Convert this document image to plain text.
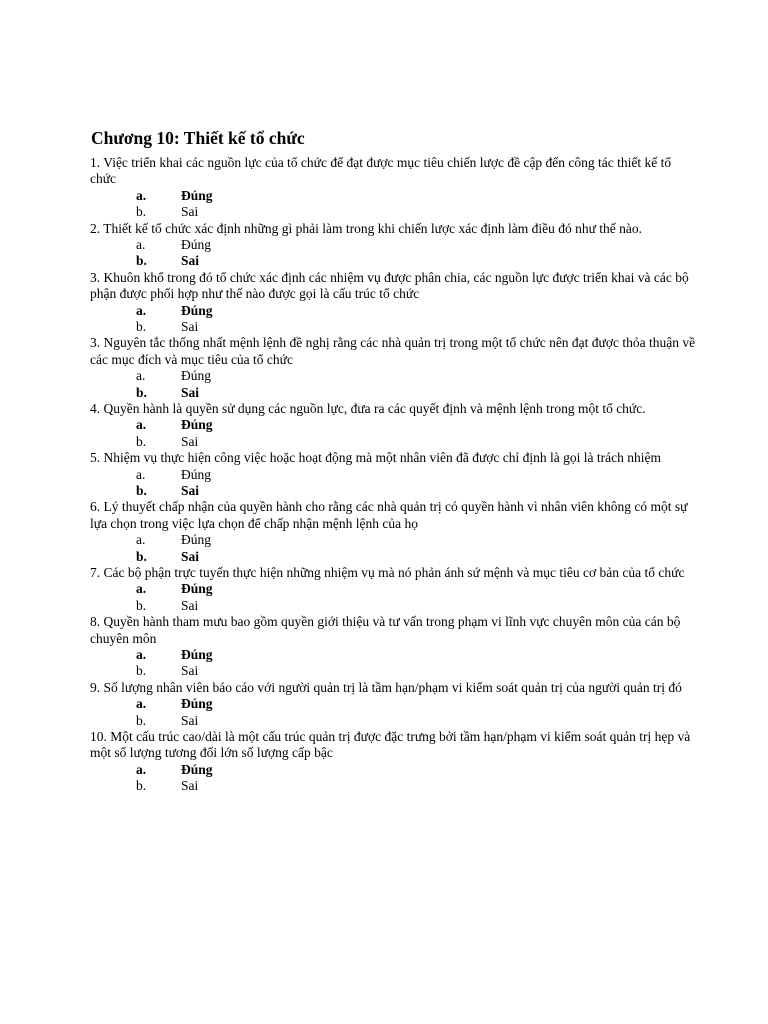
Chương 10: Thiết kế tổ chức

1. Việc triển khai các nguồn lực của tổ chức để đạt được mục tiêu chiến lược đề cập đến công tác thiết kế tổ chức

a.	Đúng
b.	Sai

2. Thiết kế tổ chức xác định những gì phải làm trong khi chiến lược xác định làm điều đó như thế nào.

a.	Đúng
b.	Sai

3. Khuôn khổ trong đó tổ chức xác định các nhiệm vụ được phân chia, các nguồn lực được triển khai và các bộ phận được phối hợp như thế nào được gọi là cấu trúc tổ chức

a.	Đúng
b.	Sai

3. Nguyên tắc thống nhất mệnh lệnh đề nghị rằng các nhà quản trị trong một tổ chức nên đạt được thỏa thuận về các mục đích và mục tiêu của tổ chức

a.	Đúng
b.	Sai

4. Quyền hành là quyền sử dụng các nguồn lực, đưa ra các quyết định và mệnh lệnh trong một tổ chức.

a.	Đúng
b.	Sai

5. Nhiệm vụ thực hiện công việc hoặc hoạt động mà một nhân viên đã được chỉ định là gọi là trách nhiệm

a.	Đúng
b.	Sai

6. Lý thuyết chấp nhận của quyền hành cho rằng các nhà quản trị có quyền hành vì nhân viên không có một sự lựa chọn trong việc lựa chọn để chấp nhận mệnh lệnh của họ

a.	Đúng
b.	Sai

7. Các bộ phận trực tuyến thực hiện những nhiệm vụ mà nó phản ánh sứ mệnh và mục tiêu cơ bản của tổ chức

a.	Đúng
b.	Sai

8. Quyền hành tham mưu bao gồm quyền giới thiệu và tư vấn trong phạm vi lĩnh vực chuyên môn của cán bộ chuyên môn

a.	Đúng
b.	Sai

9. Số lượng nhân viên báo cáo với người quản trị là tầm hạn/phạm vi kiểm soát quản trị của người quản trị đó

a.	Đúng
b.	Sai

10. Một cấu trúc cao/dài là một cấu trúc quản trị được đặc trưng bởi tầm hạn/phạm vi kiểm soát quản trị hẹp và một số lượng tương đối lớn số lượng cấp bậc

a.	Đúng
b.	Sai
